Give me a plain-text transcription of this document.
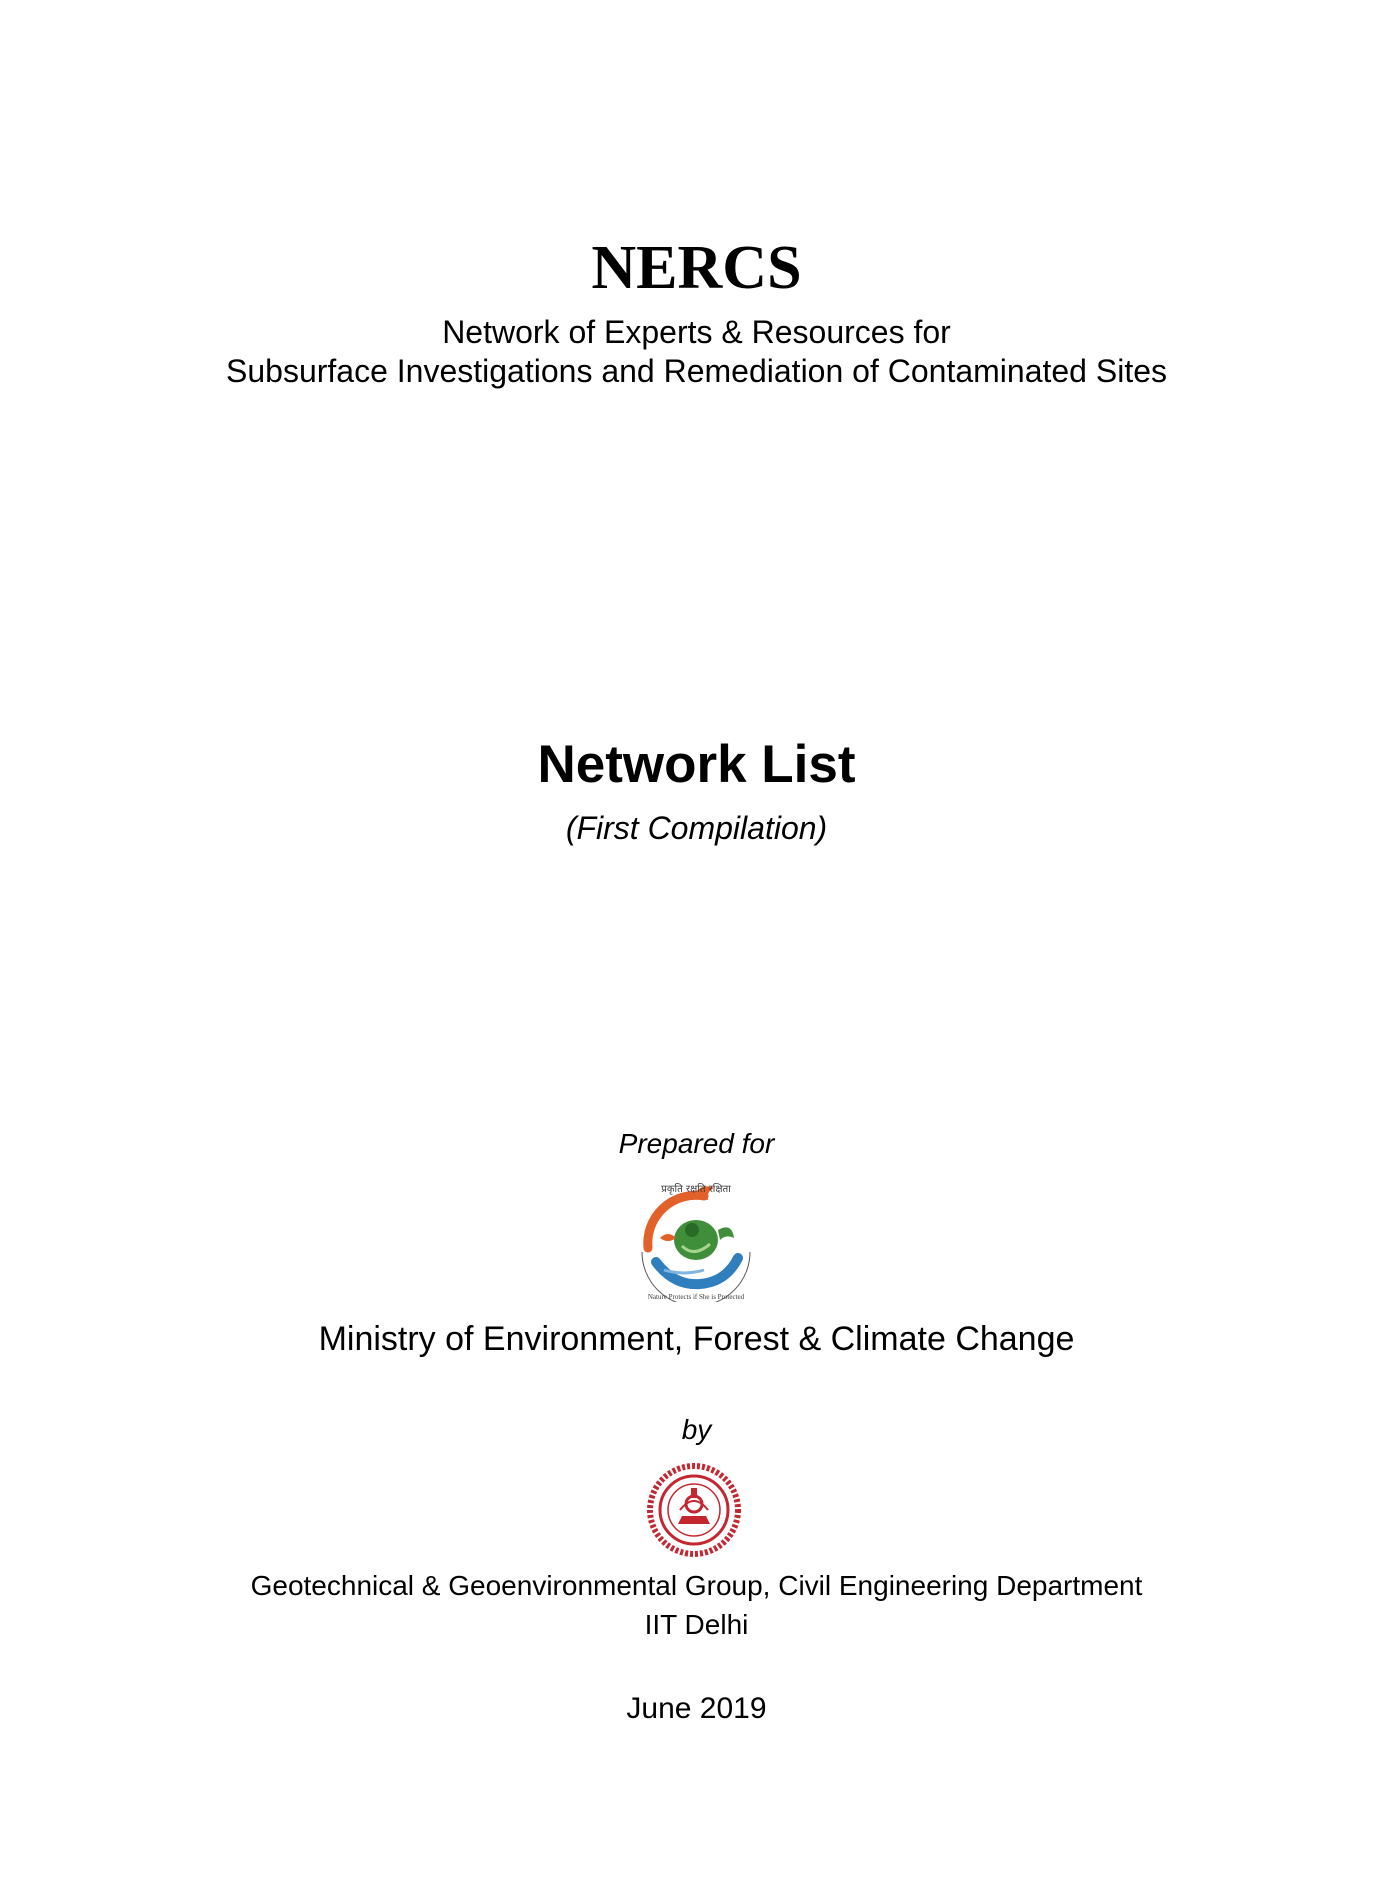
NERCS
Network of Experts & Resources for
Subsurface Investigations and Remediation of Contaminated Sites
Network List
(First Compilation)
Prepared for
प्रकृति रक्षति रक्षिता
Nature Protects if She is Protected
Ministry of Environment, Forest & Climate Change
by
Geotechnical & Geoenvironmental Group, Civil Engineering Department
IIT Delhi
June 2019
